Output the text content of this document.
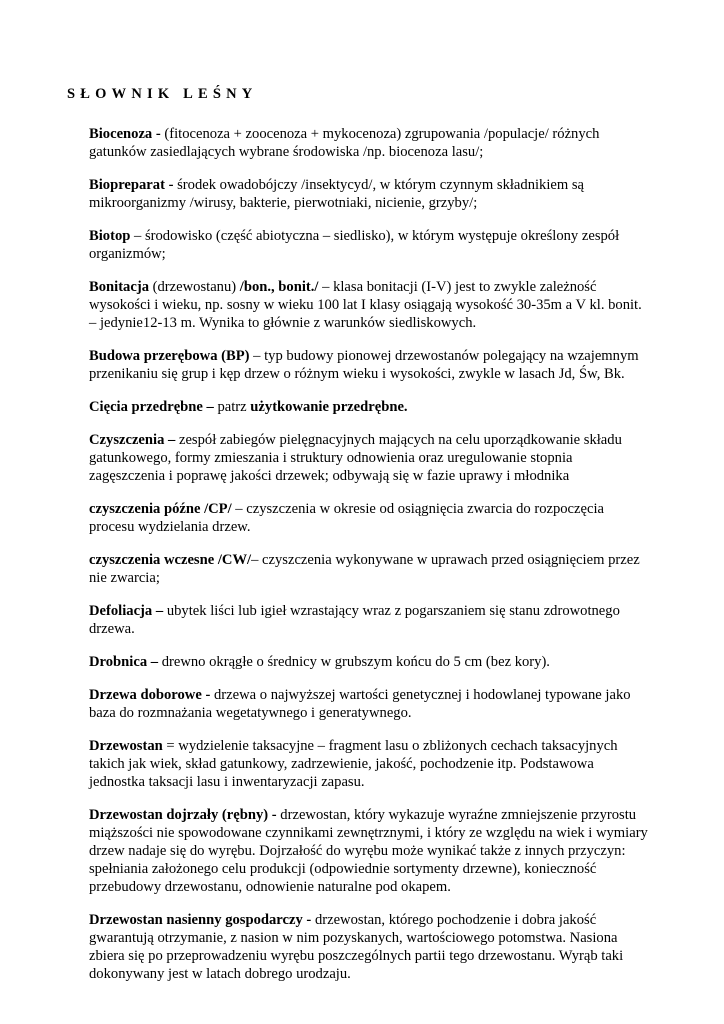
SŁOWNIK LEŚNY

Biocenoza - (fitocenoza + zoocenoza + mykocenoza) zgrupowania /populacje/ różnych gatunków zasiedlających wybrane środowiska /np. biocenoza lasu/;

Biopreparat - środek owadobójczy /insektycyd/, w którym czynnym składnikiem są mikroorganizmy /wirusy, bakterie, pierwotniaki, nicienie, grzyby/;

Biotop – środowisko (część abiotyczna – siedlisko), w którym występuje określony zespół organizmów;

Bonitacja (drzewostanu) /bon., bonit./ – klasa bonitacji (I-V) jest to zwykle zależność wysokości i wieku, np. sosny w wieku 100 lat I klasy osiągają wysokość 30-35m a V kl. bonit. – jedynie12-13 m. Wynika to głównie z warunków siedliskowych.

Budowa przerębowa (BP) – typ budowy pionowej drzewostanów polegający na wzajemnym przenikaniu się grup i kęp drzew o różnym wieku i wysokości, zwykle w lasach Jd, Św, Bk.

Cięcia przedrębne – patrz użytkowanie przedrębne.

Czyszczenia – zespół zabiegów pielęgnacyjnych mających na celu uporządkowanie składu gatunkowego, formy zmieszania i struktury odnowienia oraz uregulowanie stopnia zagęszczenia i poprawę jakości drzewek; odbywają się w fazie uprawy i młodnika

czyszczenia późne /CP/ – czyszczenia w okresie od osiągnięcia zwarcia do rozpoczęcia procesu wydzielania drzew.

czyszczenia wczesne /CW/– czyszczenia wykonywane w uprawach przed osiągnięciem przez nie zwarcia;

Defoliacja – ubytek liści lub igieł wzrastający wraz z pogarszaniem się stanu zdrowotnego drzewa.

Drobnica – drewno okrągłe o średnicy w grubszym końcu do 5 cm (bez kory).

Drzewa doborowe - drzewa o najwyższej wartości genetycznej i hodowlanej typowane jako baza do rozmnażania wegetatywnego i generatywnego.

Drzewostan = wydzielenie taksacyjne – fragment lasu o zbliżonych cechach taksacyjnych takich jak wiek, skład gatunkowy, zadrzewienie, jakość, pochodzenie itp. Podstawowa jednostka taksacji lasu i inwentaryzacji zapasu.

Drzewostan dojrzały (rębny) - drzewostan, który wykazuje wyraźne zmniejszenie przyrostu miąższości nie spowodowane czynnikami zewnętrznymi, i który ze względu na wiek i wymiary drzew nadaje się do wyrębu. Dojrzałość do wyrębu może wynikać także z innych przyczyn: spełniania założonego celu produkcji (odpowiednie sortymenty drzewne), konieczność przebudowy drzewostanu, odnowienie naturalne pod okapem.

Drzewostan nasienny gospodarczy - drzewostan, którego pochodzenie i dobra jakość gwarantują otrzymanie, z nasion w nim pozyskanych, wartościowego potomstwa. Nasiona zbiera się po przeprowadzeniu wyrębu poszczególnych partii tego drzewostanu. Wyrąb taki dokonywany jest w latach dobrego urodzaju.
